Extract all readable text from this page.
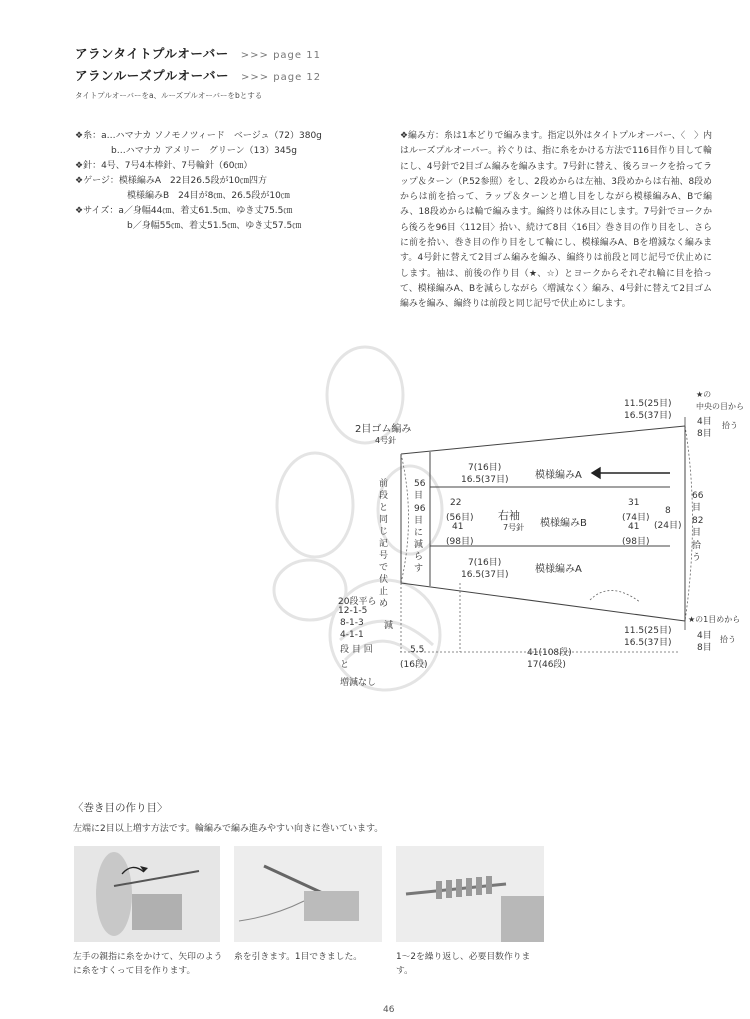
アランタイトプルオーバー >>> page 11
アランルーズプルオーバー >>> page 12
タイトプルオーバーをa、ルーズプルオーバーをbとする
❖糸：a…ハマナカ ソノモノツィード　ベージュ（72）380g
b…ハマナカ アメリー　グリーン（13）345g
❖針：4号、7号4本棒針、7号輪針（60㎝）
❖ゲージ：模様編みA　22目26.5段が10㎝四方
模様編みB　24目が8㎝、26.5段が10㎝
❖サイズ：a／身幅44㎝、着丈61.5㎝、ゆき丈75.5㎝
b／身幅55㎝、着丈51.5㎝、ゆき丈57.5㎝
❖編み方：糸は1本どりで編みます。指定以外はタイトプルオーバー、〈　〉内はルーズプルオーバー。衿ぐりは、指に糸をかける方法で116目作り目して輪にし、4号針で2目ゴム編みを編みます。7号針に替え、後ろヨークを拾ってラップ＆ターン（P.52参照）をし、2段めからは左袖、3段めからは右袖、8段めからは前を拾って、ラップ＆ターンと増し目をしながら模様編みA、Bで編み、18段めからは輪で編みます。編終りは休み目にします。7号針でヨークから後ろを96目〈112目〉拾い、続けて8目〈16目〉巻き目の作り目をし、さらに前を拾い、巻き目の作り目をして輪にし、模様編みA、Bを増減なく編みます。4号針に替えて2目ゴム編みを編み、編終りは前段と同じ記号で伏止めにします。袖は、前後の作り目（★、☆）とヨークからそれぞれ輪に目を拾って、模様編みA、Bを減らしながら〈増減なく〉編み、4号針に替えて2目ゴム編みを編み、編終りは前段と同じ記号で伏止めにします。
2目ゴム編み
4号針
前段と同じ記号で伏止め
56目
96目に減らす
7(16目)
16.5(37目)	模様編みA
22
(56目)
41
(98目)
右袖
7号針 模様編みB
31
(74目)
41
(98目)
8
(24目)
7(16目)
16.5(37目)	模様編みA
11.5(25目)
16.5(37目)
★の
中央の目から
4目
8目
拾う
66目
82目
拾う
11.5(25目)
16.5(37目)
★の1目めから
4目
8目
拾う
20段平ら
12-1-5
8-1-3
4-1-1
減
段 目 回
と
増減なし
5.5
(16段)
41(108段)
17(46段)
〈巻き目の作り目〉
左端に2目以上増す方法です。輪編みで編み進みやすい向きに巻いています。
左手の親指に糸をかけて、矢印のように糸をすくって目を作ります。
糸を引きます。1目できました。	1～2を繰り返し、必要目数作ります。
46
